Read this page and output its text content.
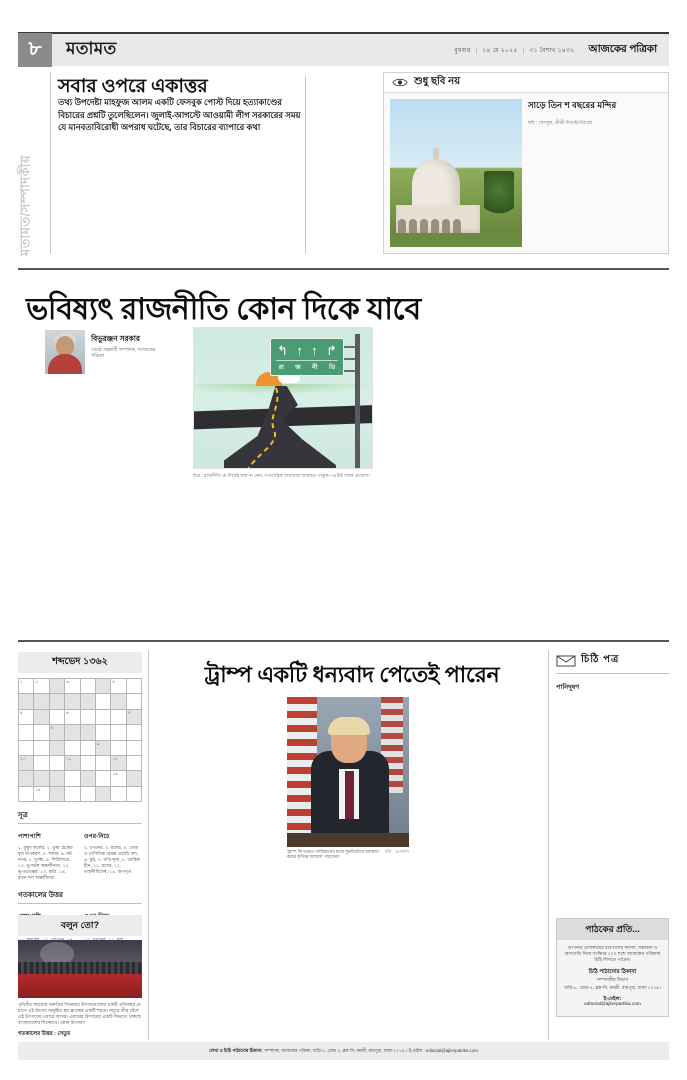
৮	মতামত	বুধবার | ১৪ মে ২০২৫ | ৩১ বৈশাখ ১৪৩২	আজকের পত্রিকা
মতামত/সম্পাদকীয়
সবার ওপরে একাত্তর
তথ্য উপদেষ্টা মাহফুজ আলম একটি ফেসবুক পোস্ট দিয়ে হত্যাকাণ্ডের বিচারের প্রশ্নটি তুলেছিলেন। জুলাই-আগস্টে আওয়ামী লীগ সরকারের সময় যে মানবতাবিরোধী অপরাধ ঘটেছে, তার বিচারের ব্যাপারে কথা
শুধু ছবি নয়
সাড়ে তিন শ বছরের মন্দির
ছবি : ফেসবুক, শ্রীশ্রী নিতাইগৌর মঠ
ভবিষ্যৎ রাজনীতি কোন দিকে যাবে
বিভুরঞ্জন সরকার
জ্যেষ্ঠ সহকারী সম্পাদক, আজকের পত্রিকা	↰ ↑ ↑ ↱
রা জ নী তি
চিত্র : রাজনীতি যে দিকেই যাক না কেন, গণতান্ত্রিক অগ্রযাত্রা অব্যাহত থাকুক—এটাই সবার প্রত্যাশা।
শব্দভেদ ১৩৬২
১	২	৩	৪
৫	৬	৭
৮
৯
১০	১১	১২
১৩
১৪
সূত্র
পাশাপাশি
১. কুমুদ ফলের, ২. তুষা ঠেকের মূল উপকরণ, ৫. শকার, ৬. নট নগর, ৮. দুর্গন্ধ, ৯. শিউলিতে, ১০. ভূগর্ভস্থ অন্তর্লীনতা, ১২. ভূ-তত্ত্বের, ১৩. কৃত্রি, ১৪. রতন দল অন্তর্লীনতা
ওপর-নিচে
২. বপনের, ৩. বলের, ৪. তেজ ও গাণিতিক হেমন্ত এবাড়ি বল, ৬. কুঠ, ৭. গতি-শূন্য, ৮. তান্ত্রিক হীন, ১১. রসের, ১২. তর্জনীবিশেষ, ১৪. অপসৃত
গতকালের উত্তর
বলুন তো?
পৃথিবীর সবচেয়ে জনপ্রিয় সিনেমার উৎসবগুলোর একটি প্রতিবছর মে মাসে এই উৎসব অনুষ্ঠিত হয় ফ্রান্সের একটি শহরে। সমুদ্রে তীর ঘেঁষে এই উৎসবের এবারে আসর। এবারের উৎসবের একটি বিভাগে থাকছে বাংলাদেশের সিনেমাও। কোন উৎসব?
গতকালের উত্তর : সেতুর
ট্রাম্প একটি ধন্যবাদ পেতেই পারেন
ছবি : এএফপি
ট্রাম্প কি ভারত-পাকিস্তানের মধ্যে যুদ্ধবিরতির মধ্যস্থতা করার কৃতিত্ব আদায়ে পারবেন?
চিঠি পত্র
পানিদূষণ
পাঠকের প্রতি...
আপনার এলাকায়ের চারপাশের সমস্যা, সম্ভাবনা ও অসংগতি নিয়ে সংক্ষিপ্ত ২০০ শব্দে আজকের পত্রিকায় চিঠি লিখতে পারেন।
চিঠি পাঠানোর ঠিকানা
সম্পাদকীয় বিভাগ
বাড়ি-৮, রোড-২, ব্লক-সি, বনশ্রী, রামপুরা, ঢাকা-১২১৯।
ই-মেইল:
editorial@ajkerpatrika.com
লেখা ও চিঠি পাঠানোর ঠিকানা: সম্পাদক, আজকের পত্রিকা, বাড়ি ৮, রোড ২, ব্লক সি, বনশ্রী, রামপুরা, ঢাকা-১২১৯ । ই-মেইল : editorial@ajkerpatrika.com
